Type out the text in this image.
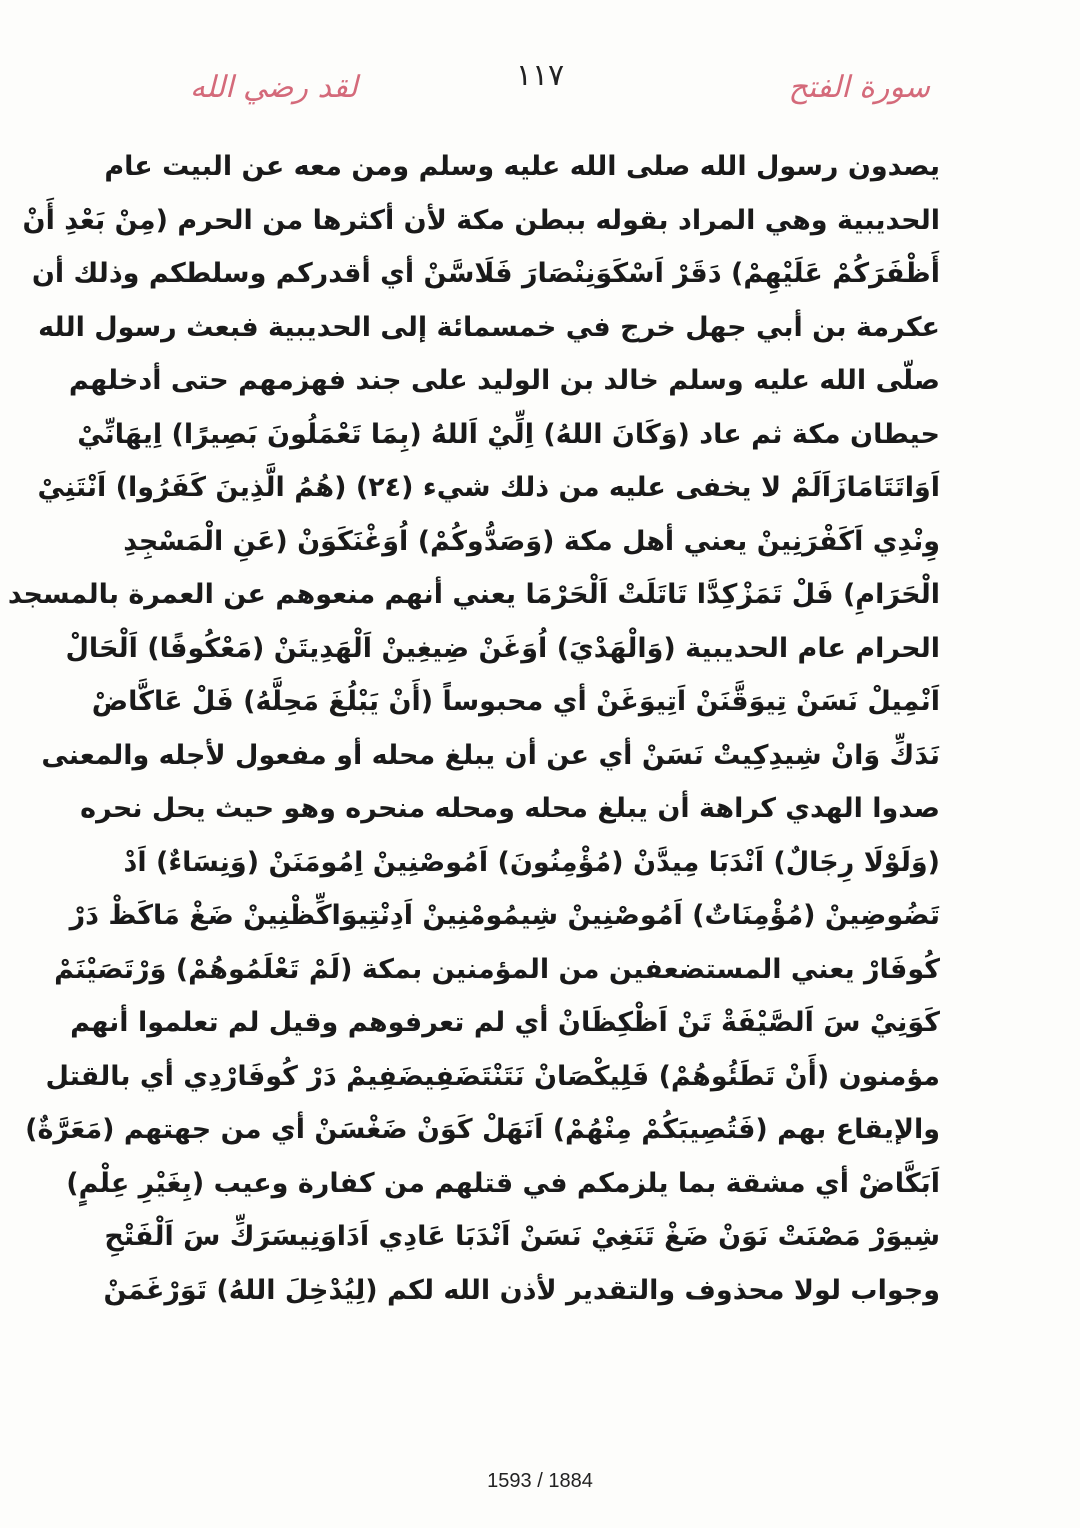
سورة الفتح
١١٧
لقد رضي الله
يصدون رسول الله صلى الله عليه وسلم ومن معه عن البيت عام
الحديبية وهي المراد بقوله ببطن مكة لأن أكثرها من الحرم (مِنْ بَعْدِ أَنْ
أَظْفَرَكُمْ عَلَيْهِمْ) دَقَرْ اَسْكَوَنِنْصَارَ فَلَاسَّنْ أي أقدركم وسلطكم وذلك أن
عكرمة بن أبي جهل خرج في خمسمائة إلى الحديبية فبعث رسول الله
صلّى الله عليه وسلم خالد بن الوليد على جند فهزمهم حتى أدخلهم
حيطان مكة ثم عاد (وَكَانَ اللهُ) اِلِّيْ اَللهُ (بِمَا تَعْمَلُونَ بَصِيرًا) اِيهَانِّيْ
اَوَاتَتَامَازَاَلَمْ لا يخفى عليه من ذلك شيء (٢٤) (هُمُ الَّذِينَ كَفَرُوا) اَنْتَنِيْ
وِنْدِي اَكَفْرَنِينْ يعني أهل مكة (وَصَدُّوكُمْ) اُوَغْنَكَوَنْ (عَنِ الْمَسْجِدِ
الْحَرَامِ) فَلْ تَمَزْكِدَّا تَاتَلَتْ اَلْحَرْمَا يعني أنهم منعوهم عن العمرة بالمسجد
الحرام عام الحديبية (وَالْهَدْيَ) اُوَغَنْ ضِيغِينْ اَلْهَدِيتَنْ (مَعْكُوفًا) اَلْحَالْ
اَنْمِيلْ نَسَنْ تِيوَقَّنَنْ اَتِيوَغَنْ أي محبوساً (أَنْ يَبْلُغَ مَحِلَّهُ) فَلْ عَاكَّاضْ
نَدَكِّ وَانْ شِيدِكِيتْ نَسَنْ أي عن أن يبلغ محله أو مفعول لأجله والمعنى
صدوا الهدي كراهة أن يبلغ محله ومحله منحره وهو حيث يحل نحره
(وَلَوْلَا رِجَالٌ) اَنْدَبَا مِيدَّنْ (مُؤْمِنُونَ) اَمُوصْنِينْ اِمُومَنَنْ (وَنِسَاءٌ) اَدْ
تَضُوضِينْ (مُؤْمِنَاتٌ) اَمُوصْنِينْ شِيمُومْنِينْ اَدِنْتِيوَاكِّظْنِينْ ضَغْ مَاكَظْ دَرْ
كُوفَارْ يعني المستضعفين من المؤمنين بمكة (لَمْ تَعْلَمُوهُمْ) وَرْتَصَيْنَمْ
كَوَنِيْ سَ اَلصَّيْفَةْ تَنْ اَظْكِظَانْ أي لم تعرفوهم وقيل لم تعلموا أنهم
مؤمنون (أَنْ تَطَئُوهُمْ) فَلِيكْصَانْ نَتَنْتَضَفِيضَفِيمْ دَرْ كُوفَارْدِي أي بالقتل
والإيقاع بهم (فَتُصِيبَكُمْ مِنْهُمْ) اَنَهَلْ كَوَنْ ضَغْسَنْ أي من جهتهم (مَعَرَّةٌ)
اَبَكَّاضْ أي مشقة بما يلزمكم في قتلهم من كفارة وعيب (بِغَيْرِ عِلْمٍ)
شِيوَرْ مَصْنَتْ نَوَنْ ضَغْ تَنَغِيْ نَسَنْ اَنْدَبَا عَادِي اَدَاوَنِيسَرَكِّ سَ اَلْفَتْحِ
وجواب لولا محذوف والتقدير لأذن الله لكم (لِيُدْخِلَ اللهُ) تَوَرْغَمَنْ
1593 / 1884
